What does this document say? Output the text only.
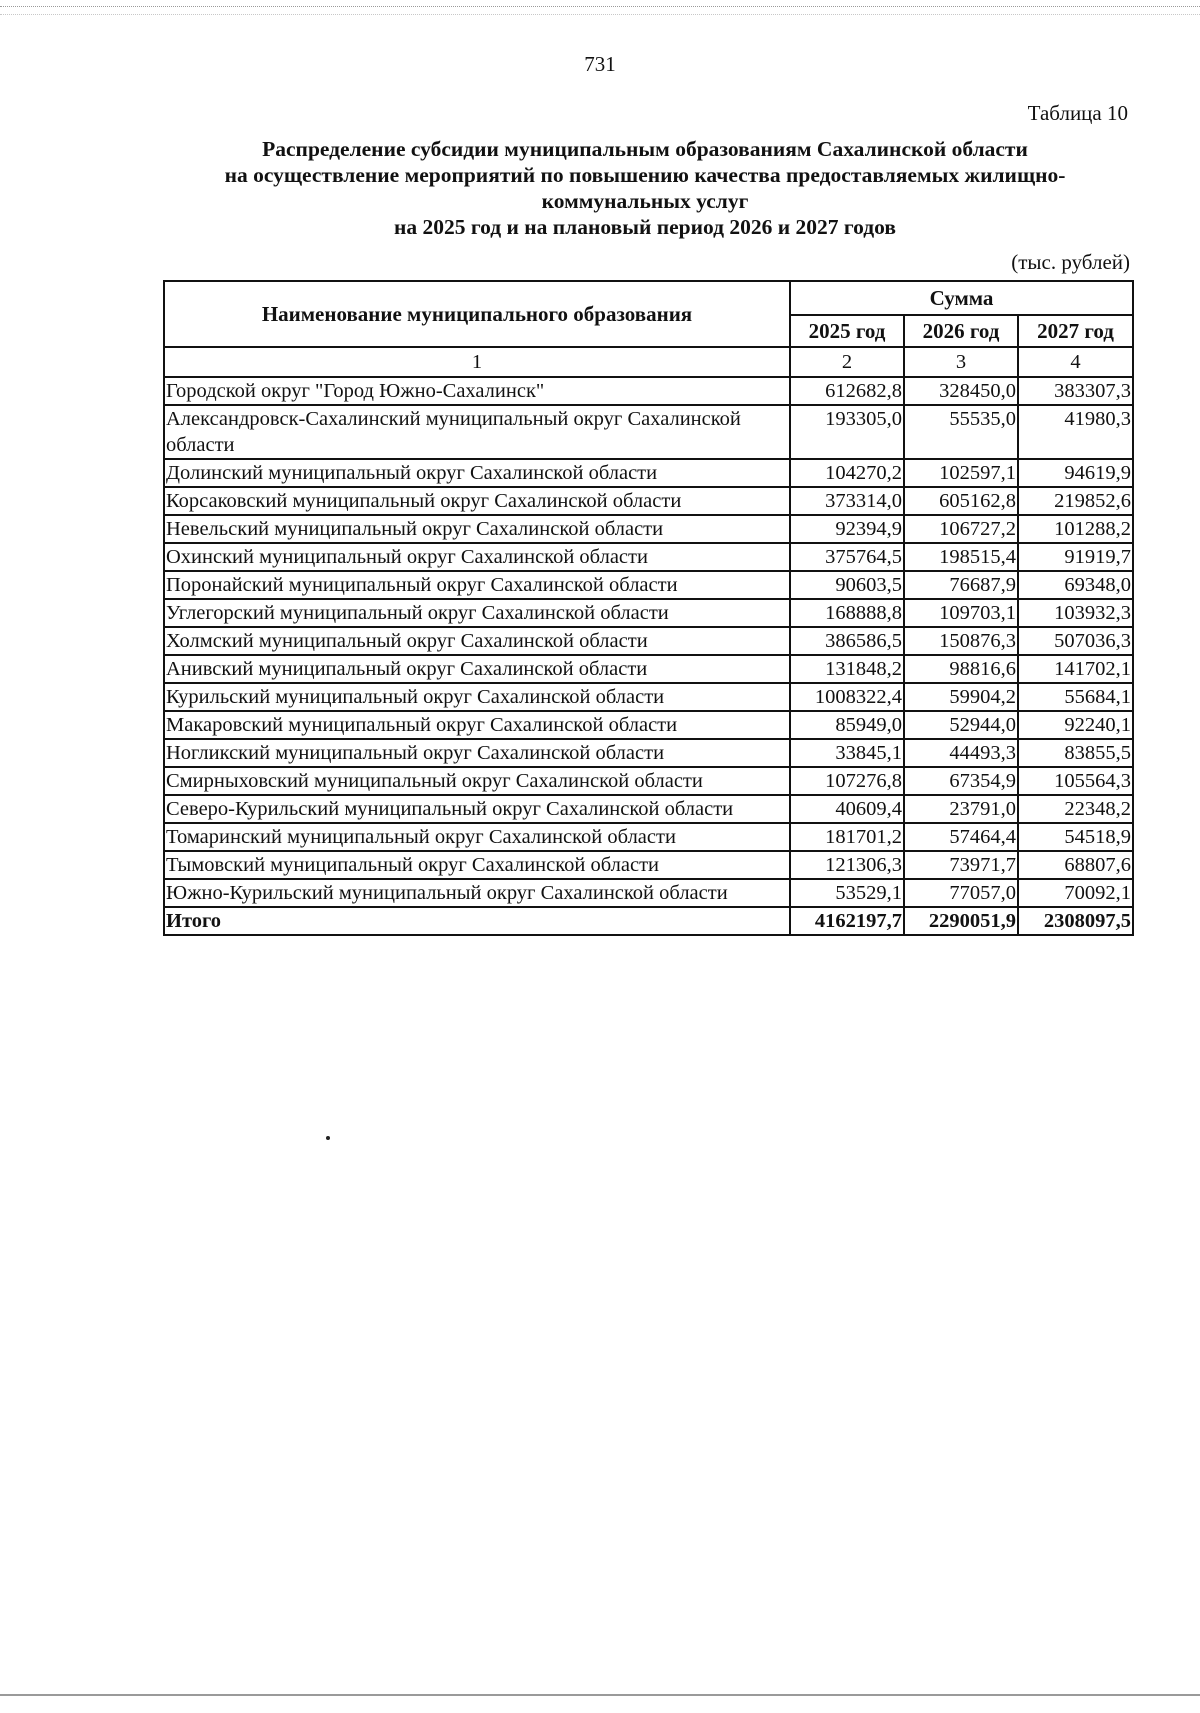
731
Таблица 10
Распределение субсидии муниципальным образованиям Сахалинской области
на осуществление мероприятий по повышению качества предоставляемых жилищно-
коммунальных услуг
на 2025 год и на плановый период 2026 и 2027 годов
(тыс. рублей)
Наименование муниципального образования	Сумма		
	2025 год	2026 год	2027 год
1	2	3	4
Городской округ "Город Южно-Сахалинск"	612682,8	328450,0	383307,3
Александровск-Сахалинский муниципальный округ Сахалинской области	193305,0	55535,0	41980,3
Долинский муниципальный округ Сахалинской области	104270,2	102597,1	94619,9
Корсаковский муниципальный округ Сахалинской области	373314,0	605162,8	219852,6
Невельский муниципальный округ Сахалинской области	92394,9	106727,2	101288,2
Охинский муниципальный округ Сахалинской области	375764,5	198515,4	91919,7
Поронайский муниципальный округ Сахалинской области	90603,5	76687,9	69348,0
Углегорский муниципальный округ Сахалинской области	168888,8	109703,1	103932,3
Холмский муниципальный округ Сахалинской области	386586,5	150876,3	507036,3
Анивский муниципальный округ Сахалинской области	131848,2	98816,6	141702,1
Курильский муниципальный округ Сахалинской области	1008322,4	59904,2	55684,1
Макаровский муниципальный округ Сахалинской области	85949,0	52944,0	92240,1
Ногликский муниципальный округ Сахалинской области	33845,1	44493,3	83855,5
Смирныховский муниципальный округ Сахалинской области	107276,8	67354,9	105564,3
Северо-Курильский муниципальный округ Сахалинской области	40609,4	23791,0	22348,2
Томаринский муниципальный округ Сахалинской области	181701,2	57464,4	54518,9
Тымовский муниципальный округ Сахалинской области	121306,3	73971,7	68807,6
Южно-Курильский муниципальный округ Сахалинской области	53529,1	77057,0	70092,1
Итого	4162197,7	2290051,9	2308097,5
